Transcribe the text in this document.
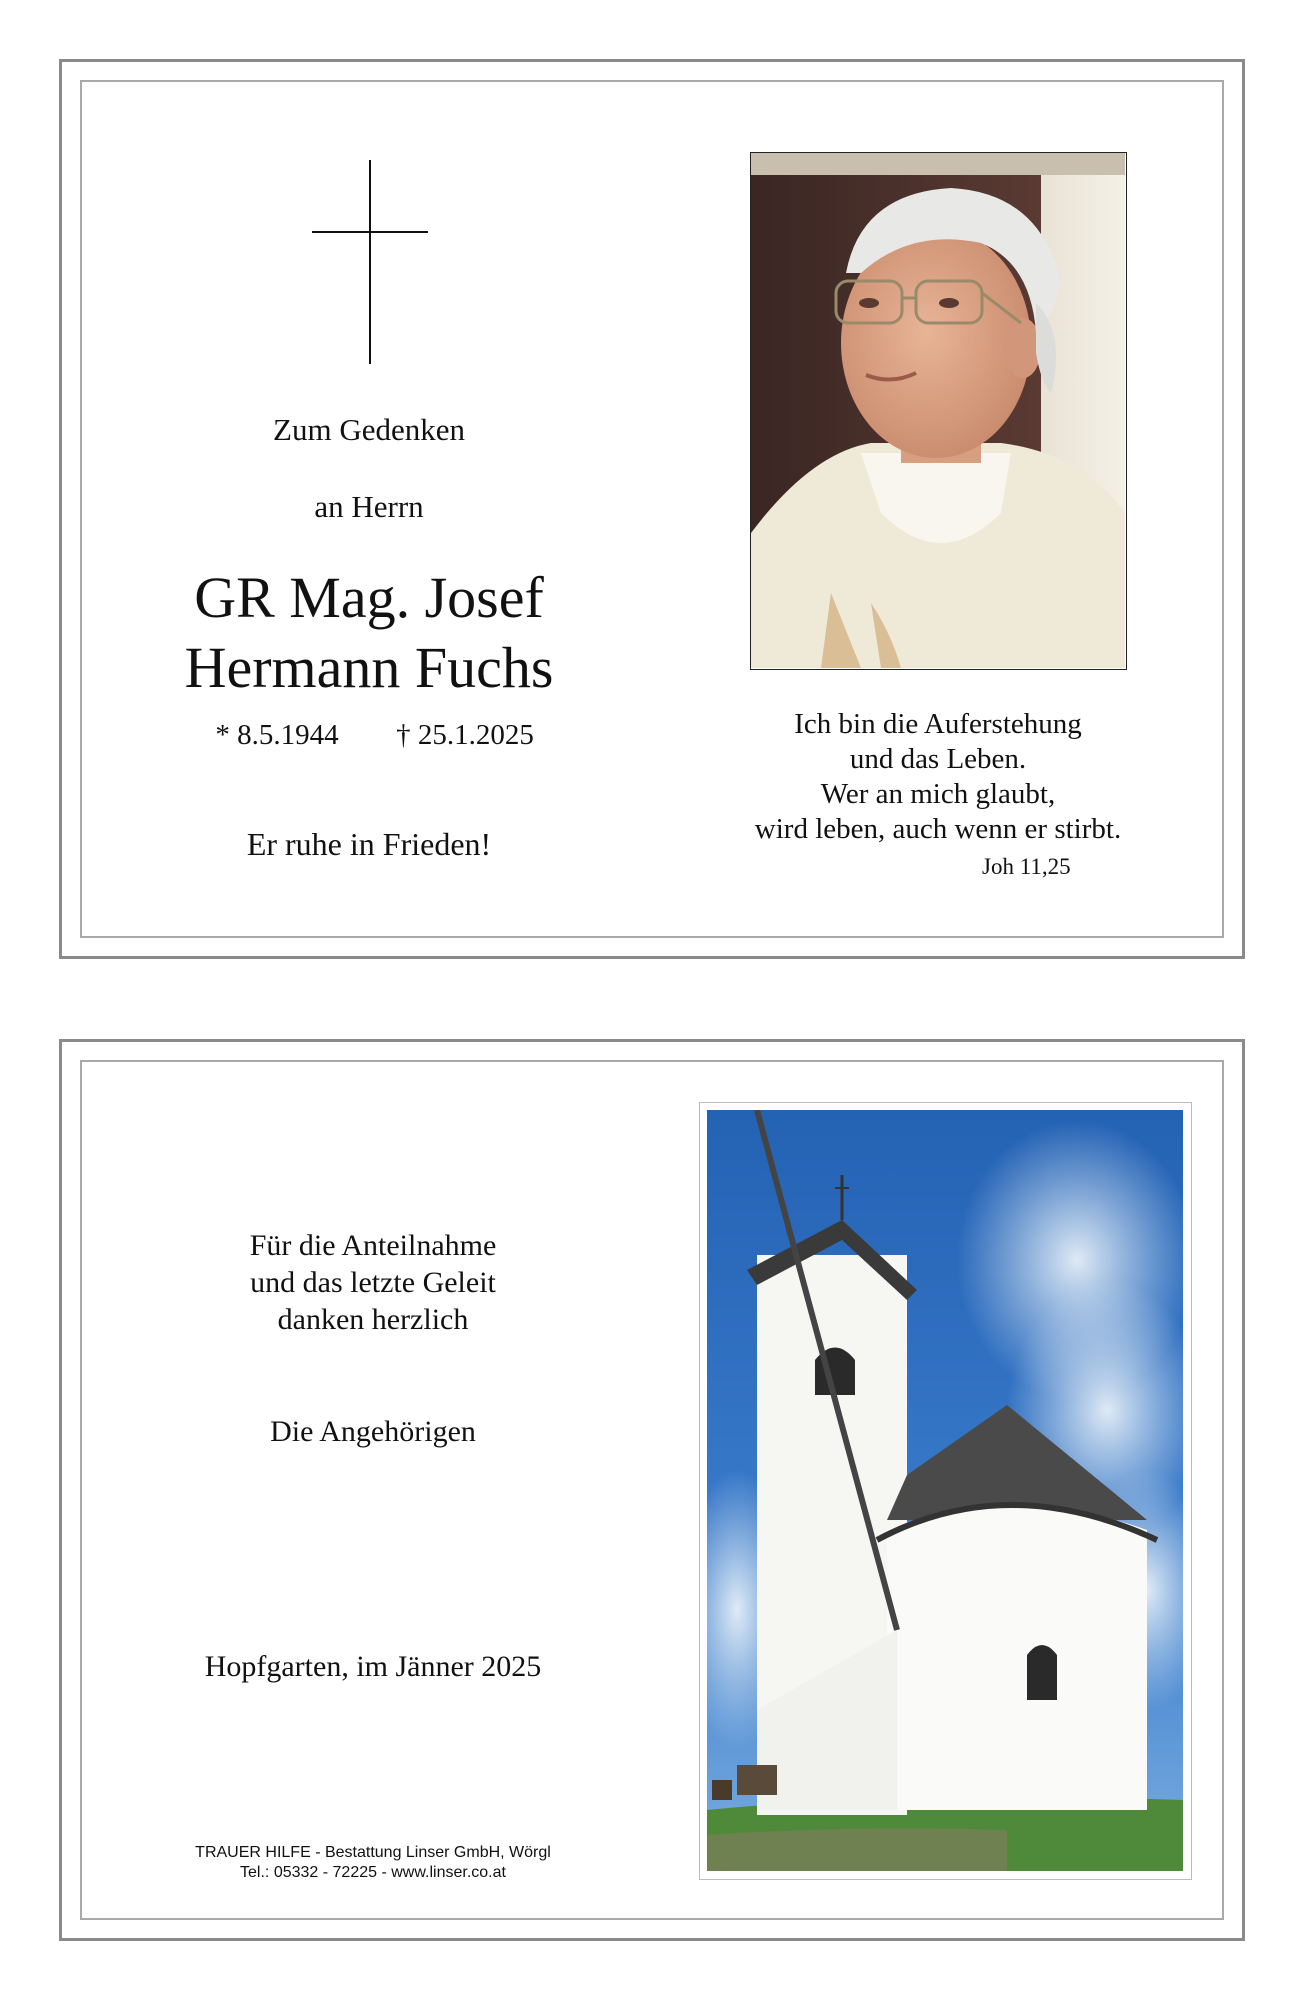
Zum Gedenken
an Herrn
GR Mag. Josef
Hermann Fuchs
* 8.5.1944	† 25.1.2025
Er ruhe in Frieden!
Ich bin die Auferstehung
und das Leben.
Wer an mich glaubt,
wird leben, auch wenn er stirbt.
Joh 11,25
Für die Anteilnahme
und das letzte Geleit
danken herzlich
Die Angehörigen
Hopfgarten, im Jänner 2025
TRAUER HILFE - Bestattung Linser GmbH, Wörgl
Tel.: 05332 - 72225 - www.linser.co.at
